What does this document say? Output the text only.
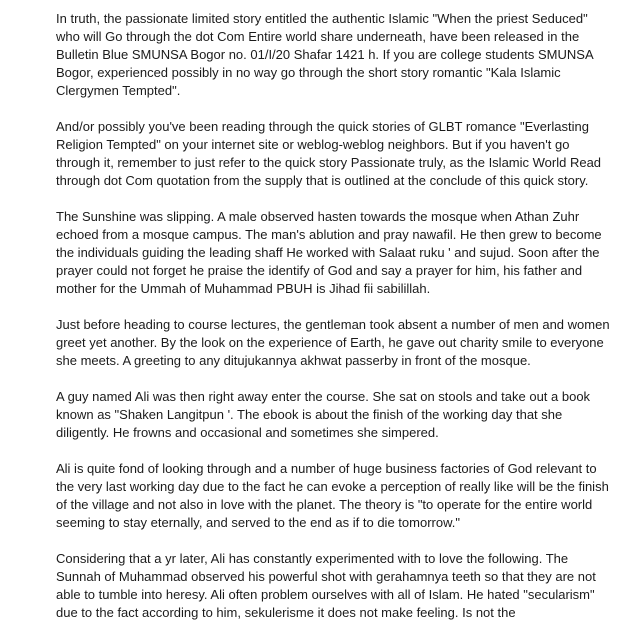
In truth, the passionate limited story entitled the authentic Islamic "When the priest Seduced" who will Go through the dot Com Entire world share underneath, have been released in the Bulletin Blue SMUNSA Bogor no. 01/I/20 Shafar 1421 h. If you are college students SMUNSA Bogor, experienced possibly in no way go through the short story romantic "Kala Islamic Clergymen Tempted".

And/or possibly you've been reading through the quick stories of GLBT romance "Everlasting Religion Tempted" on your internet site or weblog-weblog neighbors. But if you haven't go through it, remember to just refer to the quick story Passionate truly, as the Islamic World Read through dot Com quotation from the supply that is outlined at the conclude of this quick story.

The Sunshine was slipping. A male observed hasten towards the mosque when Athan Zuhr echoed from a mosque campus. The man's ablution and pray nawafil. He then grew to become the individuals guiding the leading shaff He worked with Salaat ruku ' and sujud. Soon after the prayer could not forget he praise the identify of God and say a prayer for him, his father and mother for the Ummah of Muhammad PBUH is Jihad fii sabilillah.

Just before heading to course lectures, the gentleman took absent a number of men and women greet yet another. By the look on the experience of Earth, he gave out charity smile to everyone she meets. A greeting to any ditujukannya akhwat passerby in front of the mosque.

A guy named Ali was then right away enter the course. She sat on stools and take out a book known as "Shaken Langitpun '. The ebook is about the finish of the working day that she diligently. He frowns and occasional and sometimes she simpered.

Ali is quite fond of looking through and a number of huge business factories of God relevant to the very last working day due to the fact he can evoke a perception of really like will be the finish of the village and not also in love with the planet. The theory is "to operate for the entire world seeming to stay eternally, and served to the end as if to die tomorrow."

Considering that a yr later, Ali has constantly experimented with to love the following. The Sunnah of Muhammad observed his powerful shot with gerahamnya teeth so that they are not able to tumble into heresy. Ali often problem ourselves with all of Islam. He hated "secularism" due to the fact according to him, sekulerisme it does not make feeling. Is not the
